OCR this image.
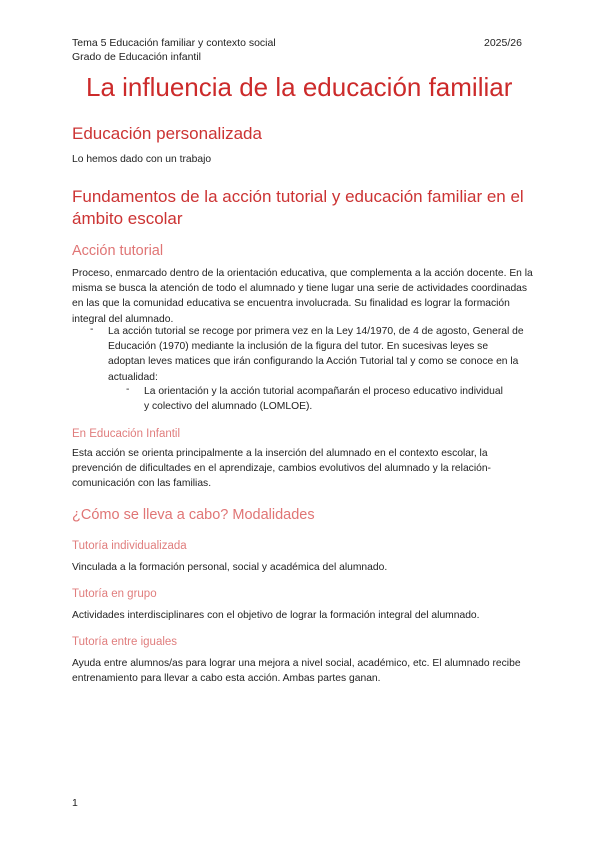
Tema 5 Educación familiar y contexto social
Grado de Educación infantil
2025/26
La influencia de la educación familiar
Educación personalizada
Lo hemos dado con un trabajo
Fundamentos de la acción tutorial y educación familiar en el
ámbito escolar
Acción tutorial
Proceso, enmarcado dentro de la orientación educativa, que complementa a la acción docente. En la misma se busca la atención de todo el alumnado y tiene lugar una serie de actividades coordinadas en las que la comunidad educativa se encuentra involucrada. Su finalidad es lograr la formación integral del alumnado.
- La acción tutorial se recoge por primera vez en la Ley 14/1970, de 4 de agosto, General de Educación (1970) mediante la inclusión de la figura del tutor. En sucesivas leyes se adoptan leves matices que irán configurando la Acción Tutorial tal y como se conoce en la actualidad:
- La orientación y la acción tutorial acompañarán el proceso educativo individual y colectivo del alumnado (LOMLOE).
En Educación Infantil
Esta acción se orienta principalmente a la inserción del alumnado en el contexto escolar, la prevención de dificultades en el aprendizaje, cambios evolutivos del alumnado y la relación-comunicación con las familias.
¿Cómo se lleva a cabo? Modalidades
Tutoría individualizada
Vinculada a la formación personal, social y académica del alumnado.
Tutoría en grupo
Actividades interdisciplinares con el objetivo de lograr la formación integral del alumnado.
Tutoría entre iguales
Ayuda entre alumnos/as para lograr una mejora a nivel social, académico, etc. El alumnado recibe entrenamiento para llevar a cabo esta acción. Ambas partes ganan.
1
